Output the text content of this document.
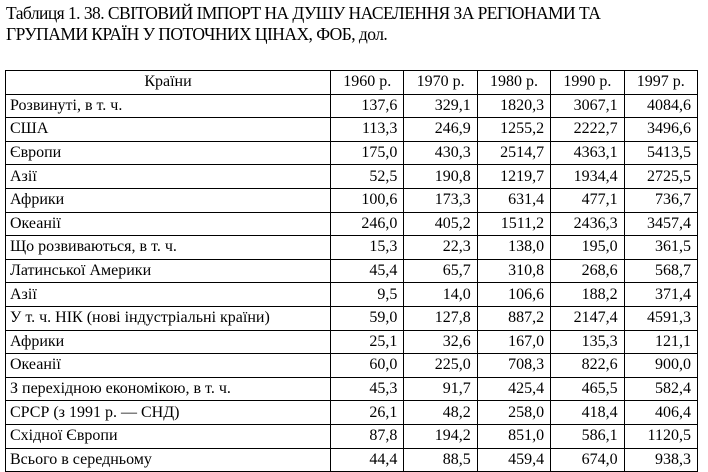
Таблиця 1. 38. СВІТОВИЙ ІМПОРТ НА ДУШУ НАСЕЛЕННЯ ЗА РЕГІОНАМИ ТА
ГРУПАМИ КРАЇН У ПОТОЧНИХ ЦІНАХ, ФОБ, дол.
Країни	1960 р.	1970 р.	1980 р.	1990 р.	1997 р.
Розвинуті, в т. ч.	137,6	329,1	1820,3	3067,1	4084,6
США	113,3	246,9	1255,2	2222,7	3496,6
Європи	175,0	430,3	2514,7	4363,1	5413,5
Азії	52,5	190,8	1219,7	1934,4	2725,5
Африки	100,6	173,3	631,4	477,1	736,7
Океанії	246,0	405,2	1511,2	2436,3	3457,4
Що розвиваються, в т. ч.	15,3	22,3	138,0	195,0	361,5
Латинської Америки	45,4	65,7	310,8	268,6	568,7
Азії	9,5	14,0	106,6	188,2	371,4
У т. ч. НІК (нові індустріальні країни)	59,0	127,8	887,2	2147,4	4591,3
Африки	25,1	32,6	167,0	135,3	121,1
Океанії	60,0	225,0	708,3	822,6	900,0
З перехідною економікою, в т. ч.	45,3	91,7	425,4	465,5	582,4
СРСР (з 1991 р. — СНД)	26,1	48,2	258,0	418,4	406,4
Східної Європи	87,8	194,2	851,0	586,1	1120,5
Всього в середньому	44,4	88,5	459,4	674,0	938,3
